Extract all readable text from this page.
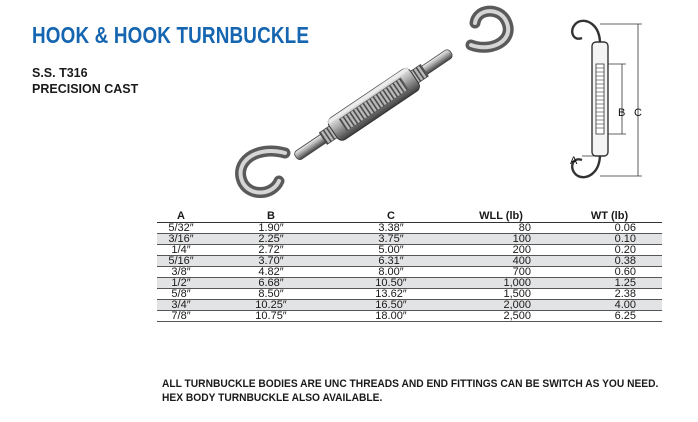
HOOK & HOOK TURNBUCKLE
S.S. T316
PRECISION CAST
B C
A
A	B	C	WLL (lb)	WT (lb)
5/32″	1.90″	3.38″	80	0.06
3/16″	2.25″	3.75″	100	0.10
1/4″	2.72″	5.00″	200	0.20
5/16″	3.70″	6.31″	400	0.38
3/8″	4.82″	8.00″	700	0.60
1/2″	6.68″	10.50″	1,000	1.25
5/8″	8.50″	13.62″	1,500	2.38
3/4″	10.25″	16.50″	2,000	4.00
7/8″	10.75″	18.00″	2,500	6.25
ALL TURNBUCKLE BODIES ARE UNC THREADS AND END FITTINGS CAN BE SWITCH AS YOU NEED.
HEX BODY TURNBUCKLE ALSO AVAILABLE.
